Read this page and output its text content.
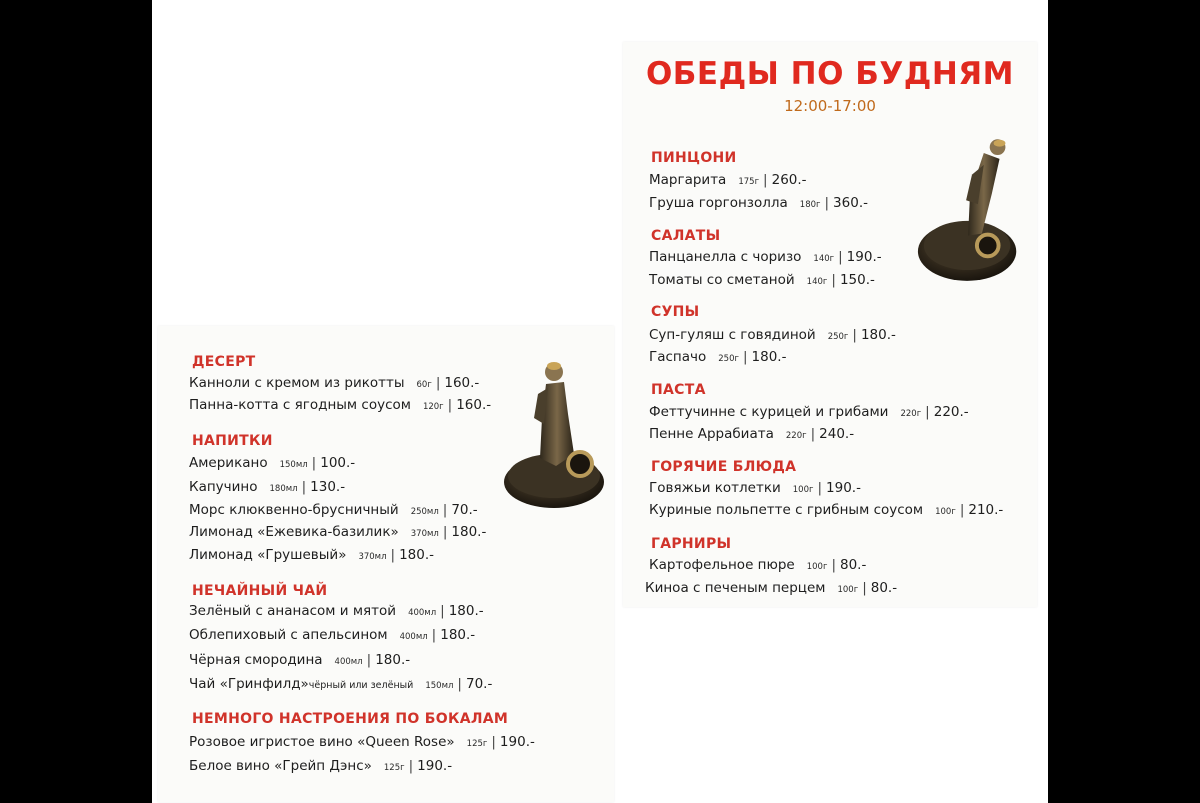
ДЕСЕРТ
Канноли с кремом из рикотты 60г | 160.-
Панна-котта с ягодным соусом 120г | 160.-
НАПИТКИ
Американо 150мл | 100.-
Капучино 180мл | 130.-
Морс клюквенно-брусничный 250мл | 70.-
Лимонад «Ежевика-базилик» 370мл | 180.-
Лимонад «Грушевый» 370мл | 180.-
НЕЧАЙНЫЙ ЧАЙ
Зелёный с ананасом и мятой 400мл | 180.-
Облепиховый с апельсином 400мл | 180.-
Чёрная смородина 400мл | 180.-
Чай «Гринфилд»чёрный или зелёный 150мл | 70.-
НЕМНОГО НАСТРОЕНИЯ ПО БОКАЛАМ
Розовое игристое вино «Queen Rose» 125г | 190.-
Белое вино «Грейп Дэнс» 125г | 190.-
ОБЕДЫ ПО БУДНЯМ
12:00-17:00
ПИНЦОНИ
Маргарита 175г | 260.-
Груша горгонзолла 180г | 360.-
САЛАТЫ
Панцанелла с чоризо 140г | 190.-
Томаты со сметаной 140г | 150.-
СУПЫ
Суп-гуляш с говядиной 250г | 180.-
Гаспачо 250г | 180.-
ПАСТА
Феттучинне с курицей и грибами 220г | 220.-
Пенне Аррабиата 220г | 240.-
ГОРЯЧИЕ БЛЮДА
Говяжьи котлетки 100г | 190.-
Куриные польпетте с грибным соусом 100г | 210.-
ГАРНИРЫ
Картофельное пюре 100г | 80.-
Киноа с печеным перцем 100г | 80.-
